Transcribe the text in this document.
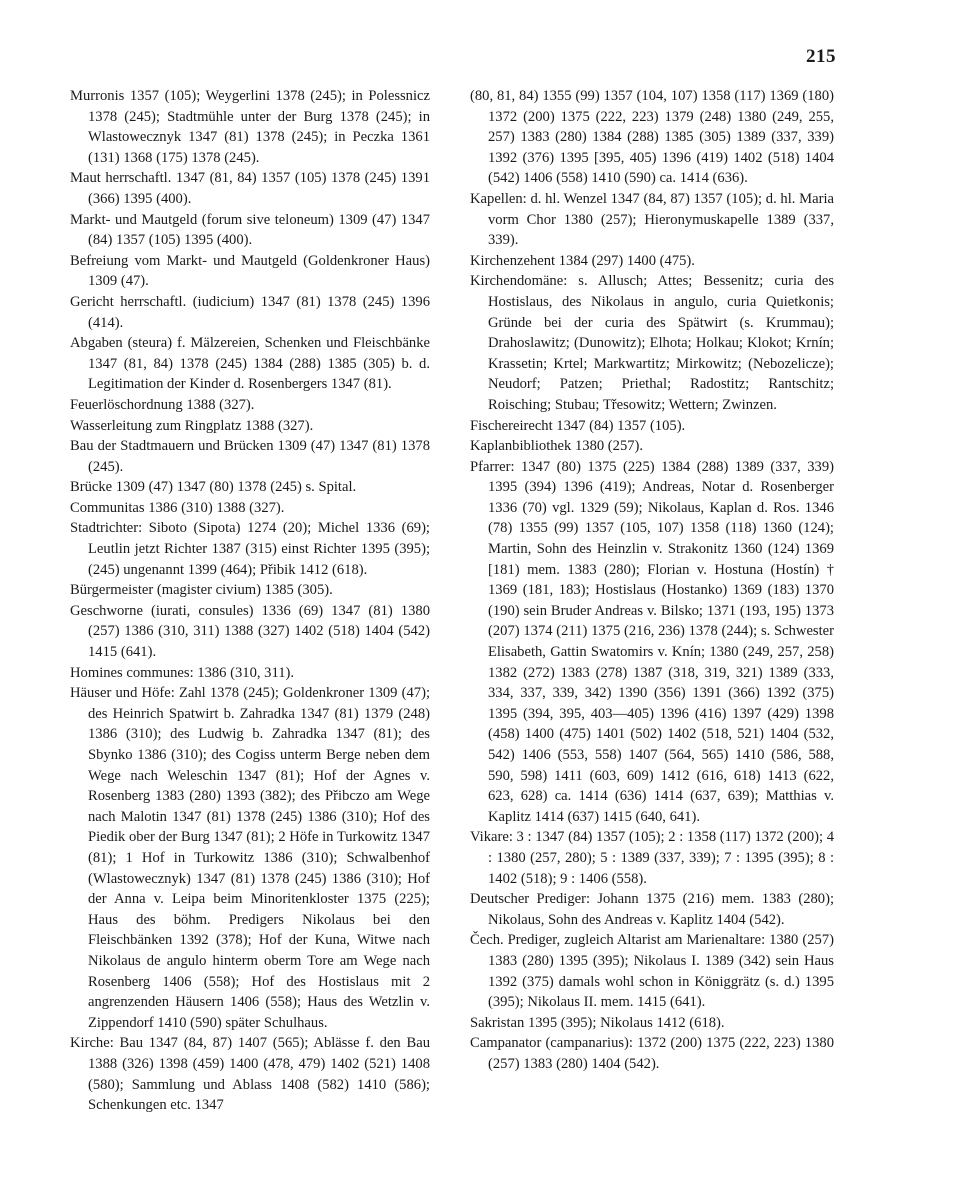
215

Murronis 1357 (105); Weygerlini 1378 (245); in Polessnicz 1378 (245); Stadtmühle unter der Burg 1378 (245); in Wlastowecznyk 1347 (81) 1378 (245); in Peczka 1361 (131) 1368 (175) 1378 (245).

Maut herrschaftl. 1347 (81, 84) 1357 (105) 1378 (245) 1391 (366) 1395 (400).

Markt- und Mautgeld (forum sive teloneum) 1309 (47) 1347 (84) 1357 (105) 1395 (400).

Befreiung vom Markt- und Mautgeld (Goldenkroner Haus) 1309 (47).

Gericht herrschaftl. (iudicium) 1347 (81) 1378 (245) 1396 (414).

Abgaben (steura) f. Mälzereien, Schenken und Fleischbänke 1347 (81, 84) 1378 (245) 1384 (288) 1385 (305) b. d. Legitimation der Kinder d. Rosenbergers 1347 (81).

Feuerlöschordnung 1388 (327).

Wasserleitung zum Ringplatz 1388 (327).

Bau der Stadtmauern und Brücken 1309 (47) 1347 (81) 1378 (245).

Brücke 1309 (47) 1347 (80) 1378 (245) s. Spital.

Communitas 1386 (310) 1388 (327).

Stadtrichter: Siboto (Sipota) 1274 (20); Michel 1336 (69); Leutlin jetzt Richter 1387 (315) einst Richter 1395 (395); (245) ungenannt 1399 (464); Přibik 1412 (618).

Bürgermeister (magister civium) 1385 (305).

Geschworne (iurati, consules) 1336 (69) 1347 (81) 1380 (257) 1386 (310, 311) 1388 (327) 1402 (518) 1404 (542) 1415 (641).

Homines communes: 1386 (310, 311).

Häuser und Höfe: Zahl 1378 (245); Goldenkroner 1309 (47); des Heinrich Spatwirt b. Zahradka 1347 (81) 1379 (248) 1386 (310); des Ludwig b. Zahradka 1347 (81); des Sbynko 1386 (310); des Cogiss unterm Berge neben dem Wege nach Weleschin 1347 (81); Hof der Agnes v. Rosenberg 1383 (280) 1393 (382); des Přibczo am Wege nach Malotin 1347 (81) 1378 (245) 1386 (310); Hof des Piedik ober der Burg 1347 (81); 2 Höfe in Turkowitz 1347 (81); 1 Hof in Turkowitz 1386 (310); Schwalbenhof (Wlastowecznyk) 1347 (81) 1378 (245) 1386 (310); Hof der Anna v. Leipa beim Minoritenkloster 1375 (225); Haus des böhm. Predigers Nikolaus bei den Fleischbänken 1392 (378); Hof der Kuna, Witwe nach Nikolaus de angulo hinterm oberm Tore am Wege nach Rosenberg 1406 (558); Hof des Hostislaus mit 2 angrenzenden Häusern 1406 (558); Haus des Wetzlin v. Zippendorf 1410 (590) später Schulhaus.

Kirche: Bau 1347 (84, 87) 1407 (565); Ablässe f. den Bau 1388 (326) 1398 (459) 1400 (478, 479) 1402 (521) 1408 (580); Sammlung und Ablass 1408 (582) 1410 (586); Schenkungen etc. 1347

(80, 81, 84) 1355 (99) 1357 (104, 107) 1358 (117) 1369 (180) 1372 (200) 1375 (222, 223) 1379 (248) 1380 (249, 255, 257) 1383 (280) 1384 (288) 1385 (305) 1389 (337, 339) 1392 (376) 1395 [395, 405) 1396 (419) 1402 (518) 1404 (542) 1406 (558) 1410 (590) ca. 1414 (636).

Kapellen: d. hl. Wenzel 1347 (84, 87) 1357 (105); d. hl. Maria vorm Chor 1380 (257); Hieronymuskapelle 1389 (337, 339).

Kirchenzehent 1384 (297) 1400 (475).

Kirchendomäne: s. Allusch; Attes; Bessenitz; curia des Hostislaus, des Nikolaus in angulo, curia Quietkonis; Gründe bei der curia des Spätwirt (s. Krummau); Drahoslawitz; (Dunowitz); Elhota; Holkau; Klokot; Krnín; Krassetin; Krtel; Markwartitz; Mirkowitz; (Nebozelicze); Neudorf; Patzen; Priethal; Radostitz; Rantschitz; Roisching; Stubau; Třesowitz; Wettern; Zwinzen.

Fischereirecht 1347 (84) 1357 (105).

Kaplanbibliothek 1380 (257).

Pfarrer: 1347 (80) 1375 (225) 1384 (288) 1389 (337, 339) 1395 (394) 1396 (419); Andreas, Notar d. Rosenberger 1336 (70) vgl. 1329 (59); Nikolaus, Kaplan d. Ros. 1346 (78) 1355 (99) 1357 (105, 107) 1358 (118) 1360 (124); Martin, Sohn des Heinzlin v. Strakonitz 1360 (124) 1369 [181) mem. 1383 (280); Florian v. Hostuna (Hostín) † 1369 (181, 183); Hostislaus (Hostanko) 1369 (183) 1370 (190) sein Bruder Andreas v. Bilsko; 1371 (193, 195) 1373 (207) 1374 (211) 1375 (216, 236) 1378 (244); s. Schwester Elisabeth, Gattin Swatomirs v. Knín; 1380 (249, 257, 258) 1382 (272) 1383 (278) 1387 (318, 319, 321) 1389 (333, 334, 337, 339, 342) 1390 (356) 1391 (366) 1392 (375) 1395 (394, 395, 403—405) 1396 (416) 1397 (429) 1398 (458) 1400 (475) 1401 (502) 1402 (518, 521) 1404 (532, 542) 1406 (553, 558) 1407 (564, 565) 1410 (586, 588, 590, 598) 1411 (603, 609) 1412 (616, 618) 1413 (622, 623, 628) ca. 1414 (636) 1414 (637, 639); Matthias v. Kaplitz 1414 (637) 1415 (640, 641).

Vikare: 3 : 1347 (84) 1357 (105); 2 : 1358 (117) 1372 (200); 4 : 1380 (257, 280); 5 : 1389 (337, 339); 7 : 1395 (395); 8 : 1402 (518); 9 : 1406 (558).

Deutscher Prediger: Johann 1375 (216) mem. 1383 (280); Nikolaus, Sohn des Andreas v. Kaplitz 1404 (542).

Čech. Prediger, zugleich Altarist am Marienaltare: 1380 (257) 1383 (280) 1395 (395); Nikolaus I. 1389 (342) sein Haus 1392 (375) damals wohl schon in Königgrätz (s. d.) 1395 (395); Nikolaus II. mem. 1415 (641).

Sakristan 1395 (395); Nikolaus 1412 (618).

Campanator (campanarius): 1372 (200) 1375 (222, 223) 1380 (257) 1383 (280) 1404 (542).
